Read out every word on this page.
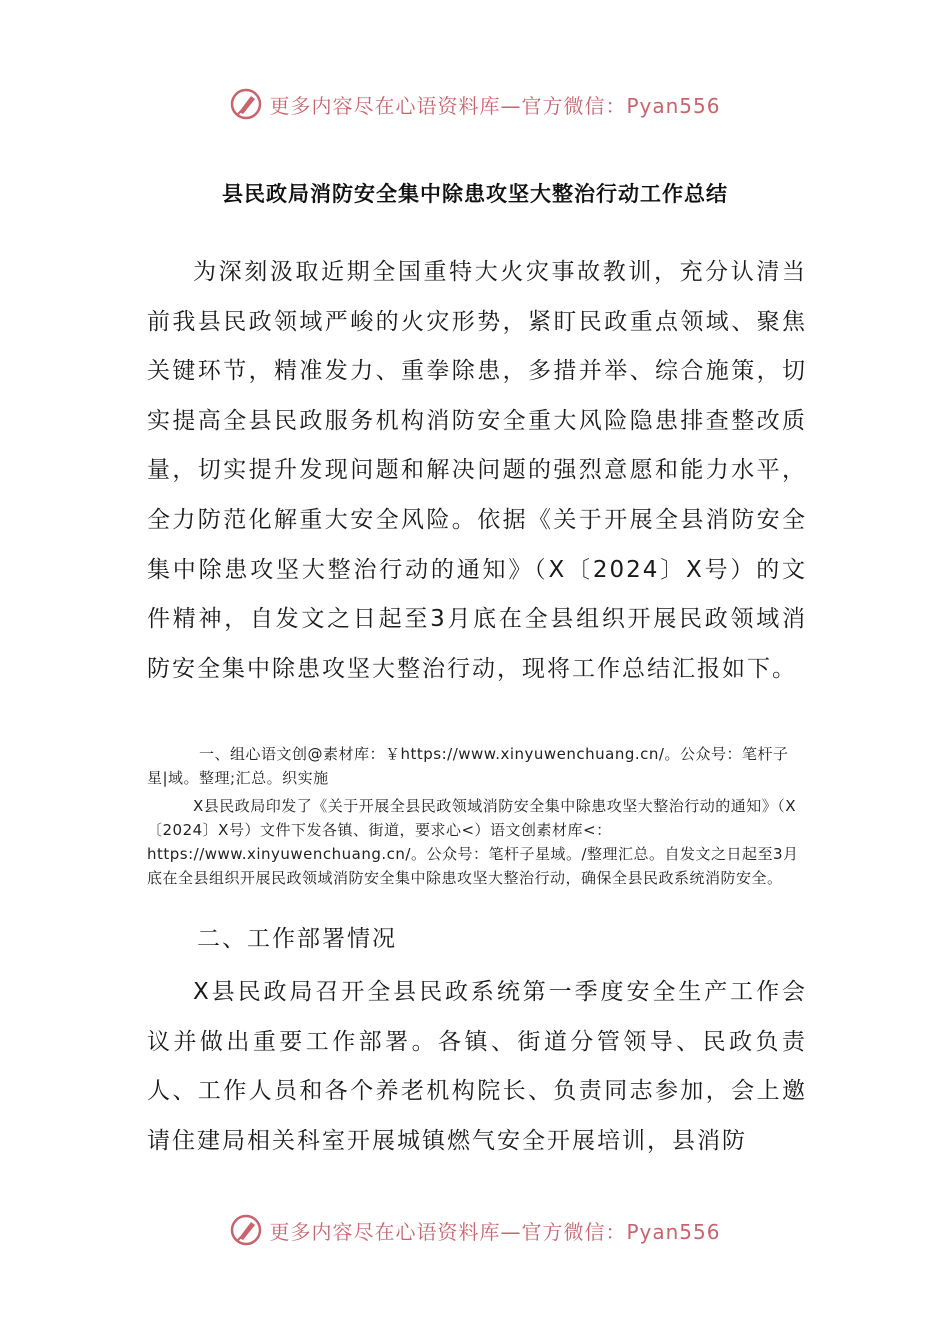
更多内容尽在心语资料库—官方微信：Pyan556
县民政局消防安全集中除患攻坚大整治行动工作总结

为深刻汲取近期全国重特大火灾事故教训，充分认清当前我县民政领域严峻的火灾形势，紧盯民政重点领域、聚焦关键环节，精准发力、重拳除患，多措并举、综合施策，切实提高全县民政服务机构消防安全重大风险隐患排查整改质量，切实提升发现问题和解决问题的强烈意愿和能力水平，全力防范化解重大安全风险。依据《关于开展全县消防安全集中除患攻坚大整治行动的通知》（X〔2024〕X号）的文件精神，自发文之日起至3月底在全县组织开展民政领域消防安全集中除患攻坚大整治行动，现将工作总结汇报如下。

一、组心语文创@素材库：￥https://www.xinyuwenchuang.cn/。公众号：笔杆子星|域。整理;汇总。织实施

X县民政局印发了《关于开展全县民政领域消防安全集中除患攻坚大整治行动的通知》（X〔2024〕X号）文件下发各镇、街道，要求心<）语文创素材库<：https://www.xinyuwenchuang.cn/。公众号：笔杆子星域。/整理汇总。自发文之日起至3月底在全县组织开展民政领域消防安全集中除患攻坚大整治行动，确保全县民政系统消防安全。

二、工作部署情况

X县民政局召开全县民政系统第一季度安全生产工作会议并做出重要工作部署。各镇、街道分管领导、民政负责人、工作人员和各个养老机构院长、负责同志参加，会上邀请住建局相关科室开展城镇燃气安全开展培训，县消防

更多内容尽在心语资料库—官方微信：Pyan556
